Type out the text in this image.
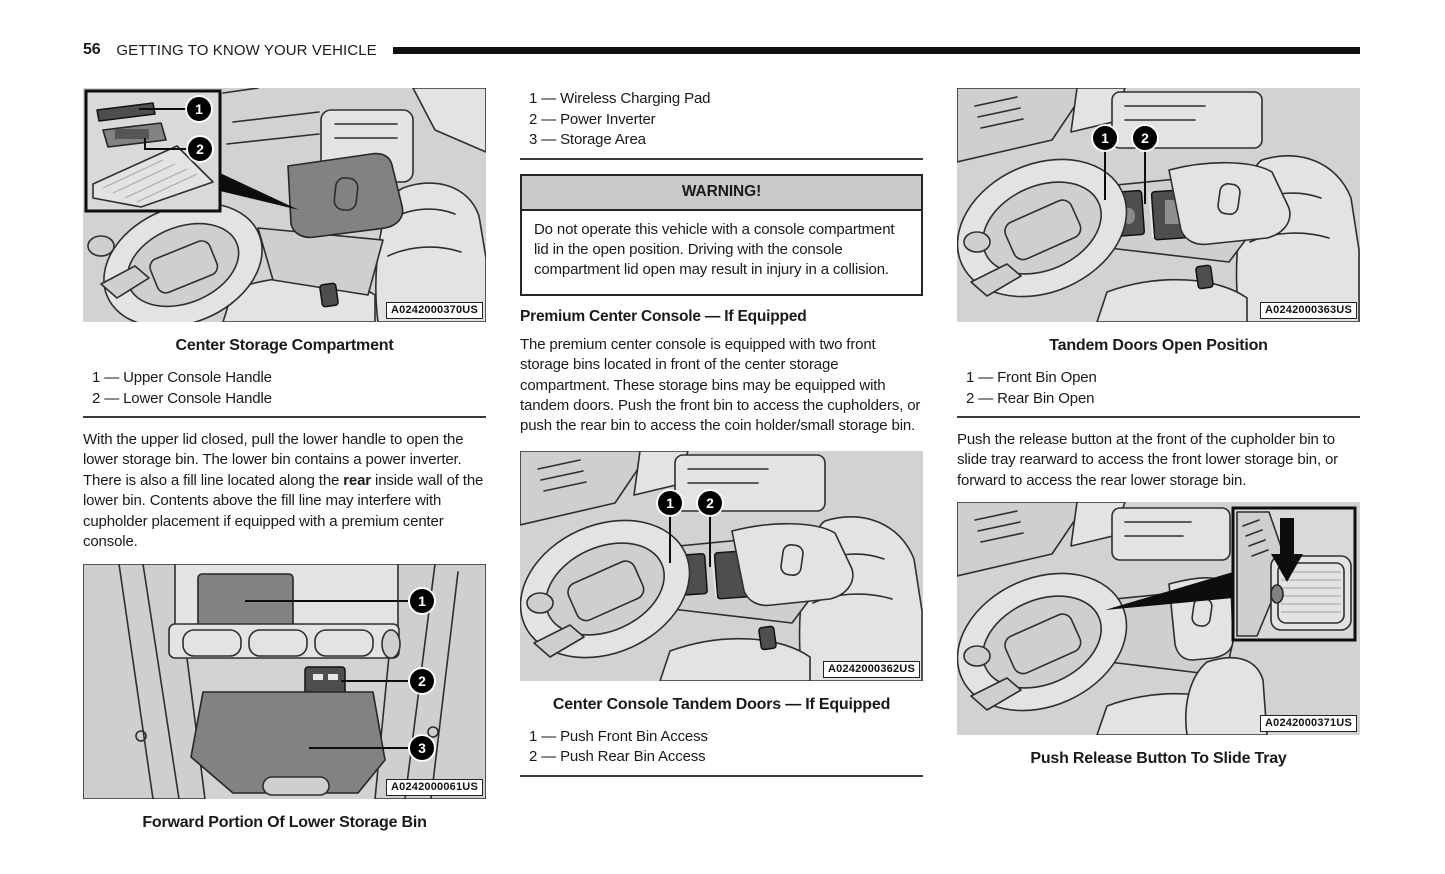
56 GETTING TO KNOW YOUR VEHICLE
1
2
A0242000370US
Center Storage Compartment
1 — Upper Console Handle
2 — Lower Console Handle
With the upper lid closed, pull the lower handle to open the lower storage bin. The lower bin contains a power inverter. There is also a fill line located along the rear inside wall of the lower bin. Contents above the fill line may interfere with cupholder placement if equipped with a premium center console.
1
2
3
A0242000061US
Forward Portion Of Lower Storage Bin
1 — Wireless Charging Pad
2 — Power Inverter
3 — Storage Area
WARNING!
Do not operate this vehicle with a console compartment lid in the open position. Driving with the console compartment lid open may result in injury in a collision.
Premium Center Console — If Equipped
The premium center console is equipped with two front storage bins located in front of the center storage compartment. These storage bins may be equipped with tandem doors. Push the front bin to access the cupholders, or push the rear bin to access the coin holder/small storage bin.
1	2
A0242000362US
Center Console Tandem Doors — If Equipped
1 — Push Front Bin Access
2 — Push Rear Bin Access
1	2
A0242000363US
Tandem Doors Open Position
1 — Front Bin Open
2 — Rear Bin Open
Push the release button at the front of the cupholder bin to slide tray rearward to access the front lower storage bin, or forward to access the rear lower storage bin.
A0242000371US
Push Release Button To Slide Tray
